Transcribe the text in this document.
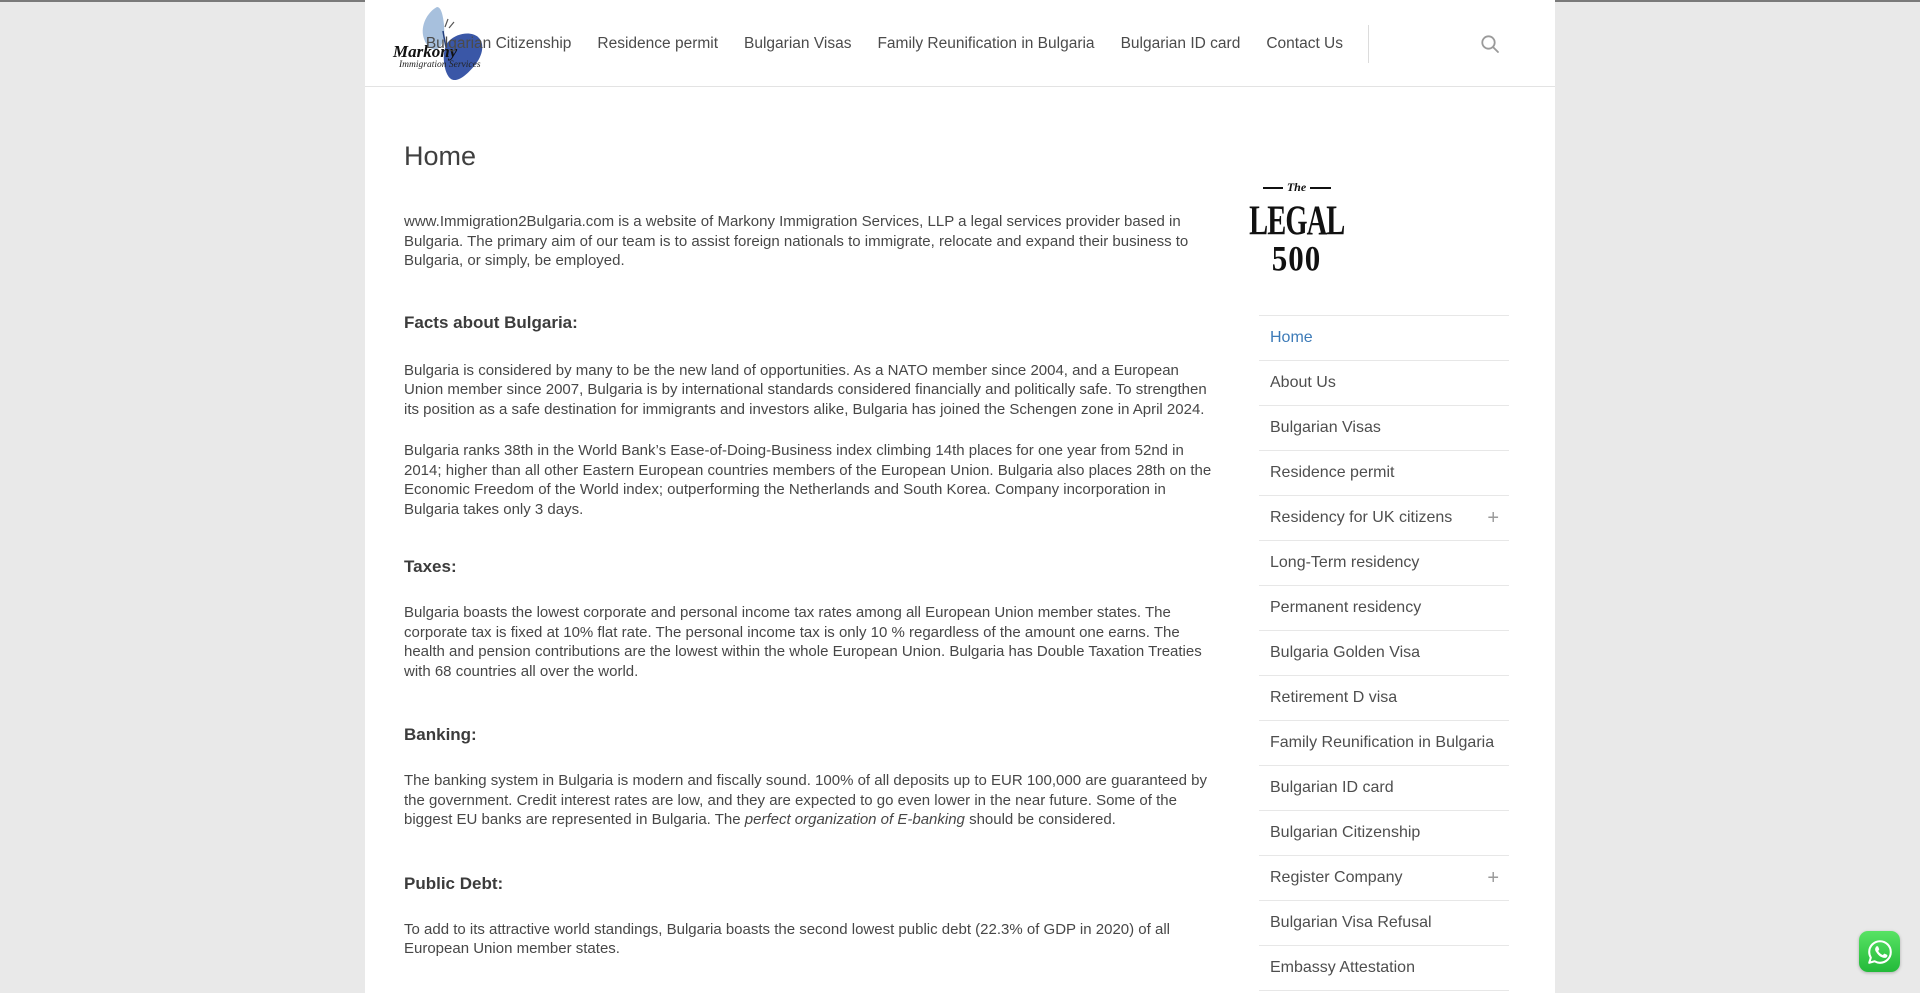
Markony
Immigration Services
Bulgarian Citizenship Residence permit Bulgarian Visas Family Reunification in Bulgaria Bulgarian ID card Contact Us
Home

www.Immigration2Bulgaria.com is a website of Markony Immigration Services, LLP a legal services provider based in Bulgaria. The primary aim of our team is to assist foreign nationals to immigrate, relocate and expand their business to Bulgaria, or simply, be employed.

Facts about Bulgaria:

Bulgaria is considered by many to be the new land of opportunities. As a NATO member since 2004, and a European Union member since 2007, Bulgaria is by international standards considered financially and politically safe. To strengthen its position as a safe destination for immigrants and investors alike, Bulgaria has joined the Schengen zone in April 2024.

Bulgaria ranks 38th in the World Bank’s Ease-of-Doing-Business index climbing 14th places for one year from 52nd in 2014; higher than all other Eastern European countries members of the European Union. Bulgaria also places 28th on the Economic Freedom of the World index; outperforming the Netherlands and South Korea. Company incorporation in Bulgaria takes only 3 days.

Taxes:

Bulgaria boasts the lowest corporate and personal income tax rates among all European Union member states. The corporate tax is fixed at 10% flat rate. The personal income tax is only 10 % regardless of the amount one earns. The health and pension contributions are the lowest within the whole European Union. Bulgaria has Double Taxation Treaties with 68 countries all over the world.

Banking:

The banking system in Bulgaria is modern and fiscally sound. 100% of all deposits up to EUR 100,000 are guaranteed by the government. Credit interest rates are low, and they are expected to go even lower in the near future. Some of the biggest EU banks are represented in Bulgaria. The perfect organization of E-banking should be considered.

Public Debt:

To add to its attractive world standings, Bulgaria boasts the second lowest public debt (22.3% of GDP in 2020) of all European Union member states.

The
LEGAL
500
Home
About Us
Bulgarian Visas
Residence permit
Residency for UK citizens +
Long-Term residency
Permanent residency
Bulgaria Golden Visa
Retirement D visa
Family Reunification in Bulgaria
Bulgarian ID card
Bulgarian Citizenship
Register Company	+
Bulgarian Visa Refusal
Embassy Attestation
